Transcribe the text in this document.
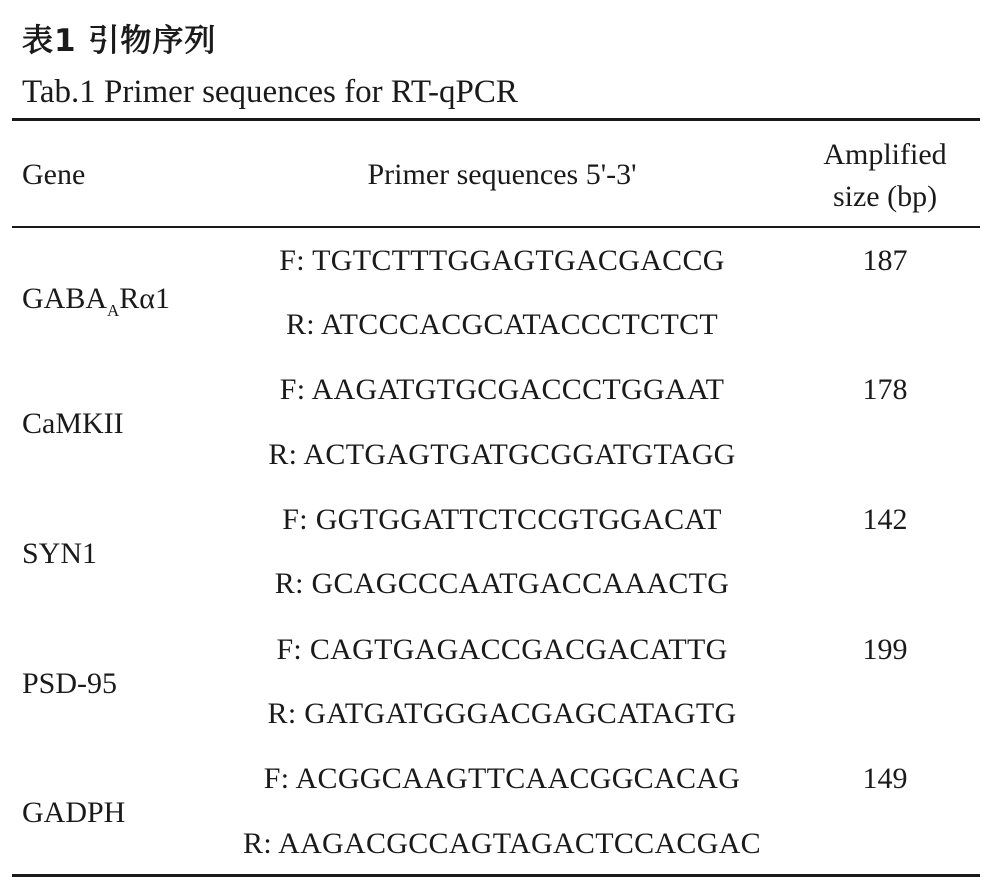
表1 引物序列
Tab.1 Primer sequences for RT-qPCR
Gene	Primer sequences 5'-3'
Amplified
size (bp)
$GABA_AR\alpha 1$
F: TGTCTTTGGAGTGACGACCG
R: ATCCCACGCATACCCTCTCT
187
CaMKII
F: AAGATGTGCGACCCTGGAAT
R: ACTGAGTGATGCGGATGTAGG
178
SYN1
F: GGTGGATTCTCCGTGGACAT
R: GCAGCCCAATGACCAAACTG
142
PSD-95
F: CAGTGAGACCGACGACATTG
R: GATGATGGGACGAGCATAGTG
199
GADPH
F: ACGGCAAGTTCAACGGCACAG
R: AAGACGCCAGTAGACTCCACGAC
149
